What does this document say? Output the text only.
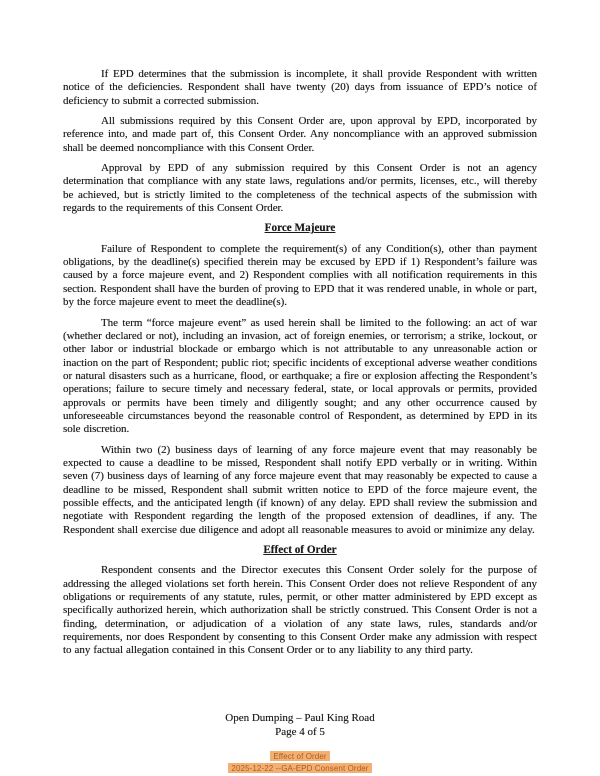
If EPD determines that the submission is incomplete, it shall provide Respondent with written notice of the deficiencies. Respondent shall have twenty (20) days from issuance of EPD’s notice of deficiency to submit a corrected submission.

All submissions required by this Consent Order are, upon approval by EPD, incorporated by reference into, and made part of, this Consent Order. Any noncompliance with an approved submission shall be deemed noncompliance with this Consent Order.

Approval by EPD of any submission required by this Consent Order is not an agency determination that compliance with any state laws, regulations and/or permits, licenses, etc., will thereby be achieved, but is strictly limited to the completeness of the technical aspects of the submission with regards to the requirements of this Consent Order.

Force Majeure

Failure of Respondent to complete the requirement(s) of any Condition(s), other than payment obligations, by the deadline(s) specified therein may be excused by EPD if 1) Respondent’s failure was caused by a force majeure event, and 2) Respondent complies with all notification requirements in this section. Respondent shall have the burden of proving to EPD that it was rendered unable, in whole or part, by the force majeure event to meet the deadline(s).

The term “force majeure event” as used herein shall be limited to the following: an act of war (whether declared or not), including an invasion, act of foreign enemies, or terrorism; a strike, lockout, or other labor or industrial blockade or embargo which is not attributable to any unreasonable action or inaction on the part of Respondent; public riot; specific incidents of exceptional adverse weather conditions or natural disasters such as a hurricane, flood, or earthquake; a fire or explosion affecting the Respondent’s operations; failure to secure timely and necessary federal, state, or local approvals or permits, provided approvals or permits have been timely and diligently sought; and any other occurrence caused by unforeseeable circumstances beyond the reasonable control of Respondent, as determined by EPD in its sole discretion.

Within two (2) business days of learning of any force majeure event that may reasonably be expected to cause a deadline to be missed, Respondent shall notify EPD verbally or in writing. Within seven (7) business days of learning of any force majeure event that may reasonably be expected to cause a deadline to be missed, Respondent shall submit written notice to EPD of the force majeure event, the possible effects, and the anticipated length (if known) of any delay. EPD shall review the submission and negotiate with Respondent regarding the length of the proposed extension of deadlines, if any. The Respondent shall exercise due diligence and adopt all reasonable measures to avoid or minimize any delay.

Effect of Order

Respondent consents and the Director executes this Consent Order solely for the purpose of addressing the alleged violations set forth herein. This Consent Order does not relieve Respondent of any obligations or requirements of any statute, rules, permit, or other matter administered by EPD except as specifically authorized herein, which authorization shall be strictly construed. This Consent Order is not a finding, determination, or adjudication of a violation of any state laws, rules, standards and/or requirements, nor does Respondent by consenting to this Consent Order make any admission with respect to any factual allegation contained in this Consent Order or to any liability to any third party.

Open Dumping – Paul King Road
Page 4 of 5
Effect of Order
2025-12-22 --GA-EPD Consent Order
